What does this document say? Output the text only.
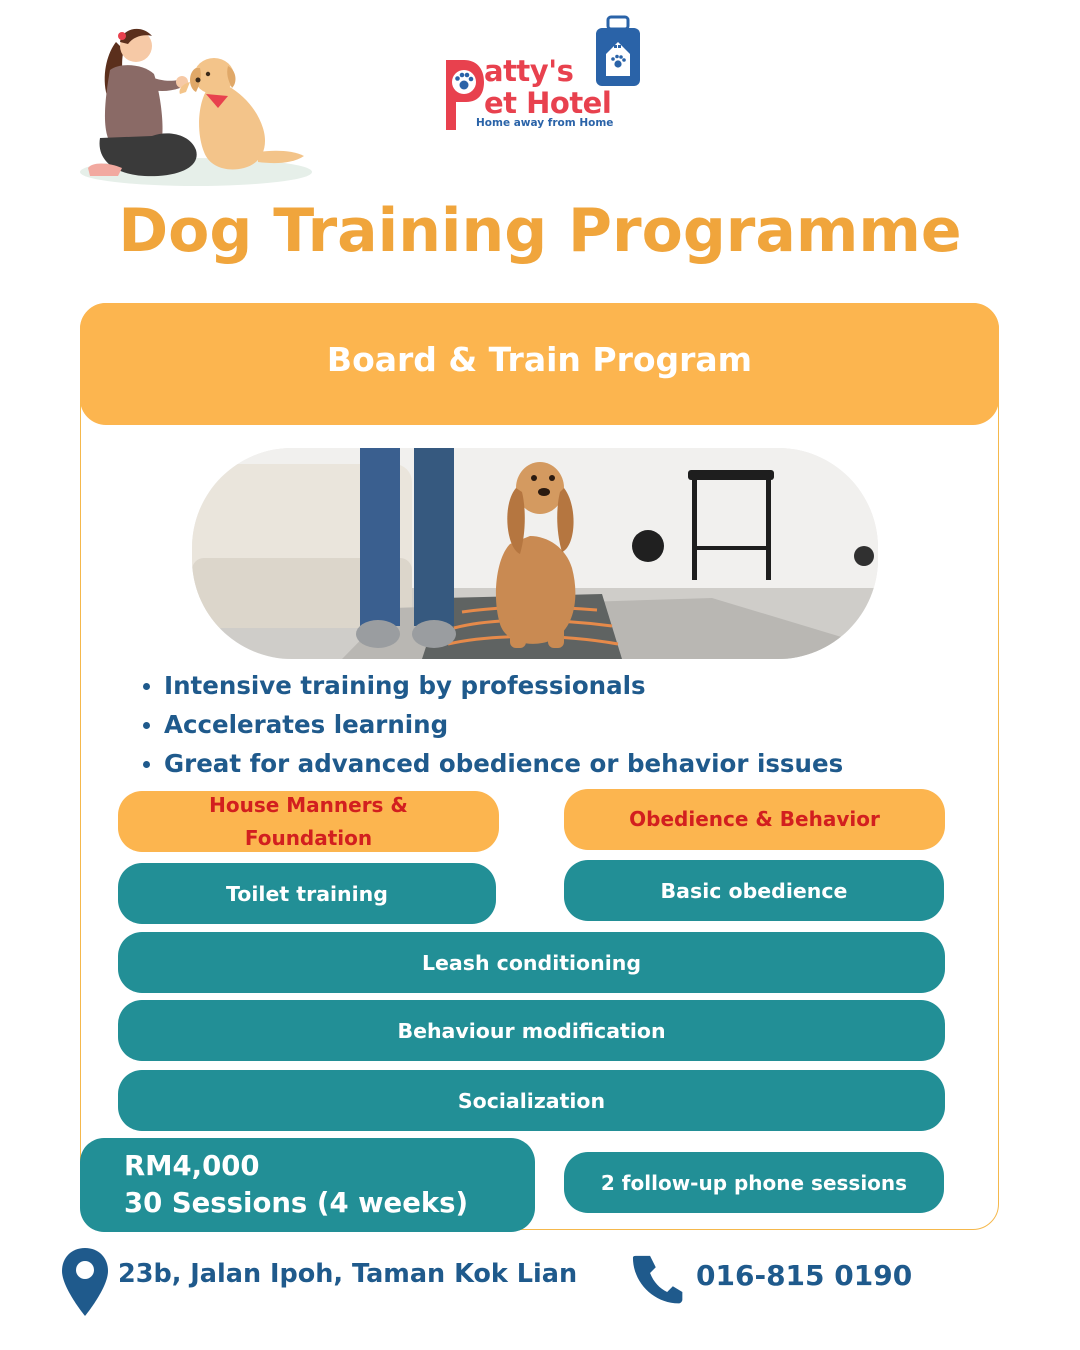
atty's
et Hotel
Home away from Home
Dog Training Programme
Board & Train Program
Intensive training by professionals
Accelerates learning
Great for advanced obedience or behavior issues
House Manners & Foundation
Obedience & Behavior
Toilet training	Basic obedience
Leash conditioning
Behaviour modification
Socialization
RM4,000
30 Sessions (4 weeks)
2 follow-up phone sessions
23b, Jalan Ipoh, Taman Kok Lian	016-815 0190
